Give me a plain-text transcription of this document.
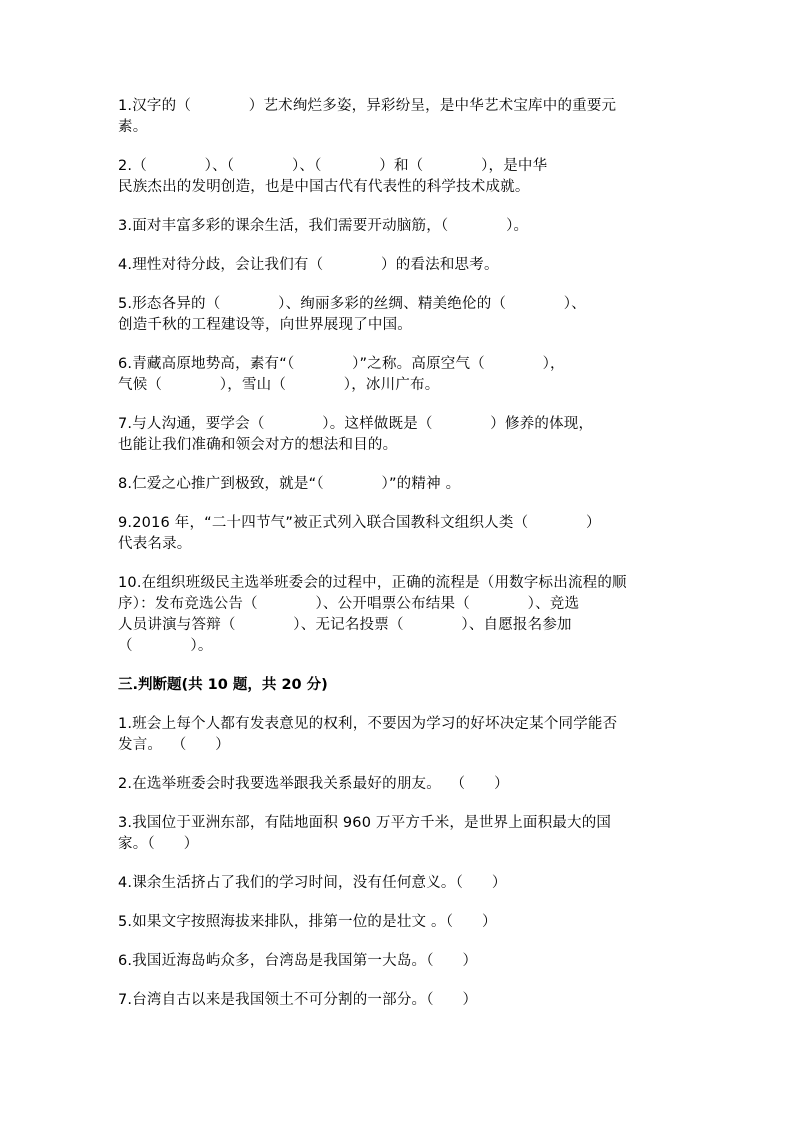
1.汉字的（            ）艺术绚烂多姿，异彩纷呈，是中华艺术宝库中的重要元
素。
2.（            ）、（            ）、（            ）和（            ），是中华
民族杰出的发明创造，也是中国古代有代表性的科学技术成就。
3.面对丰富多彩的课余生活，我们需要开动脑筋，（            ）。
4.理性对待分歧，会让我们有（            ）的看法和思考。
5.形态各异的（            ）、绚丽多彩的丝绸、精美绝伦的（            ）、
创造千秋的工程建设等，向世界展现了中国。
6.青藏高原地势高，素有“（            ）”之称。高原空气（            ），
气候（            ），雪山（            ），冰川广布。
7.与人沟通，要学会（            ）。这样做既是（            ）修养的体现，
也能让我们准确和领会对方的想法和目的。
8.仁爱之心推广到极致，就是“（            ）”的精神 。
9.2016 年，“二十四节气”被正式列入联合国教科文组织人类（            ）
代表名录。
10.在组织班级民主选举班委会的过程中，正确的流程是（用数字标出流程的顺
序）：发布竞选公告（            ）、公开唱票公布结果（            ）、竞选
人员讲演与答辩（            ）、无记名投票（            ）、自愿报名参加
（            ）。
三.判断题(共 10 题，共 20 分)
1.班会上每个人都有发表意见的权利，不要因为学习的好坏决定某个同学能否
发言。  （      ）
2.在选举班委会时我要选举跟我关系最好的朋友。  （      ）
3.我国位于亚洲东部，有陆地面积 960 万平方千米，是世界上面积最大的国
家。（      ）
4.课余生活挤占了我们的学习时间，没有任何意义。（      ）
5.如果文字按照海拔来排队，排第一位的是壮文 。（      ）
6.我国近海岛屿众多，台湾岛是我国第一大岛。（      ）
7.台湾自古以来是我国领土不可分割的一部分。（      ）
